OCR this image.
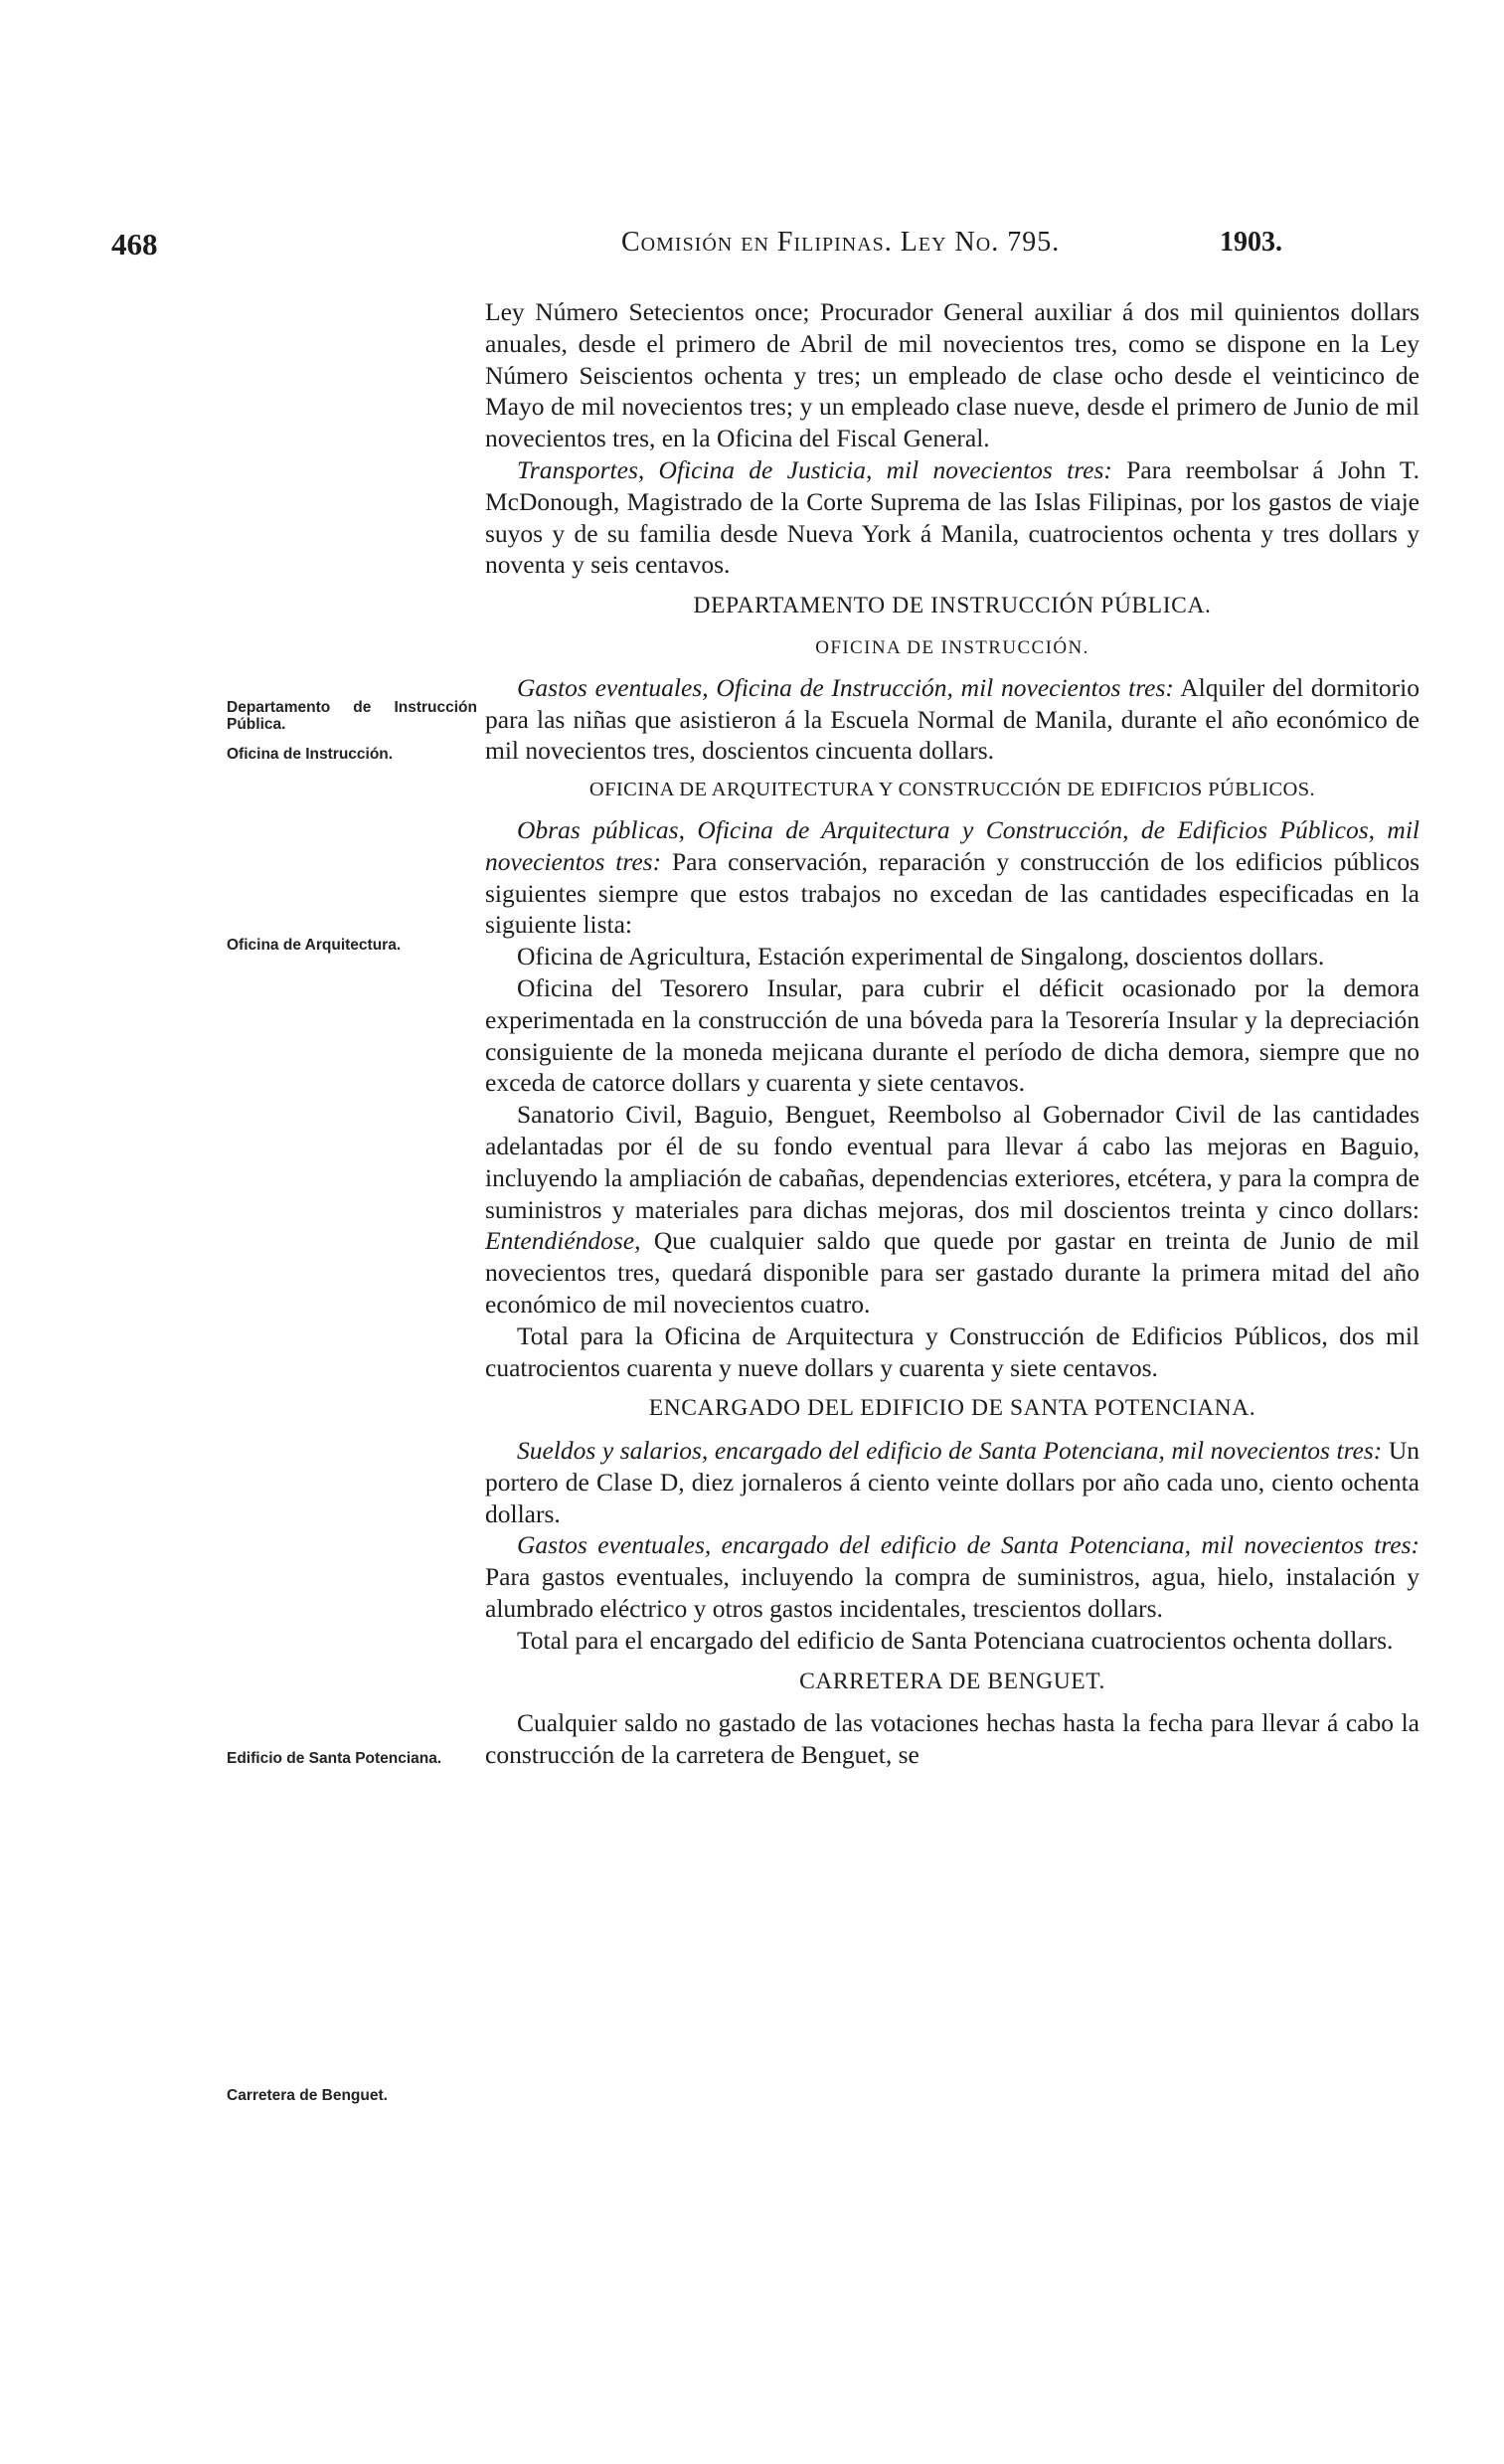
468	Comisión en Filipinas. Ley No. 795.	1903.
Departamento de Instrucción Pública.
Oficina de Instrucción.
Oficina de Arquitectura.
Edificio de Santa Potenciana.
Carretera de Benguet.

Ley Número Setecientos once; Procurador General auxiliar á dos mil quinientos dollars anuales, desde el primero de Abril de mil novecientos tres, como se dispone en la Ley Número Seiscientos ochenta y tres; un empleado de clase ocho desde el veinticinco de Mayo de mil novecientos tres; y un empleado clase nueve, desde el primero de Junio de mil novecientos tres, en la Oficina del Fiscal General.

Transportes, Oficina de Justicia, mil novecientos tres: Para reembolsar á John T. McDonough, Magistrado de la Corte Suprema de las Islas Filipinas, por los gastos de viaje suyos y de su familia desde Nueva York á Manila, cuatrocientos ochenta y tres dollars y noventa y seis centavos.

DEPARTAMENTO DE INSTRUCCIÓN PÚBLICA.
OFICINA DE INSTRUCCIÓN.

Gastos eventuales, Oficina de Instrucción, mil novecientos tres: Alquiler del dormitorio para las niñas que asistieron á la Escuela Normal de Manila, durante el año económico de mil novecientos tres, doscientos cincuenta dollars.

OFICINA DE ARQUITECTURA Y CONSTRUCCIÓN DE EDIFICIOS PÚBLICOS.

Obras públicas, Oficina de Arquitectura y Construcción, de Edificios Públicos, mil novecientos tres: Para conservación, reparación y construcción de los edificios públicos siguientes siempre que estos trabajos no excedan de las cantidades especificadas en la siguiente lista:

Oficina de Agricultura, Estación experimental de Singalong, doscientos dollars.

Oficina del Tesorero Insular, para cubrir el déficit ocasionado por la demora experimentada en la construcción de una bóveda para la Tesorería Insular y la depreciación consiguiente de la moneda mejicana durante el período de dicha demora, siempre que no exceda de catorce dollars y cuarenta y siete centavos.

Sanatorio Civil, Baguio, Benguet, Reembolso al Gobernador Civil de las cantidades adelantadas por él de su fondo eventual para llevar á cabo las mejoras en Baguio, incluyendo la ampliación de cabañas, dependencias exteriores, etcétera, y para la compra de suministros y materiales para dichas mejoras, dos mil doscientos treinta y cinco dollars: Entendiéndose, Que cualquier saldo que quede por gastar en treinta de Junio de mil novecientos tres, quedará disponible para ser gastado durante la primera mitad del año económico de mil novecientos cuatro.

Total para la Oficina de Arquitectura y Construcción de Edificios Públicos, dos mil cuatrocientos cuarenta y nueve dollars y cuarenta y siete centavos.

ENCARGADO DEL EDIFICIO DE SANTA POTENCIANA.

Sueldos y salarios, encargado del edificio de Santa Potenciana, mil novecientos tres: Un portero de Clase D, diez jornaleros á ciento veinte dollars por año cada uno, ciento ochenta dollars.

Gastos eventuales, encargado del edificio de Santa Potenciana, mil novecientos tres: Para gastos eventuales, incluyendo la compra de suministros, agua, hielo, instalación y alumbrado eléctrico y otros gastos incidentales, trescientos dollars.

Total para el encargado del edificio de Santa Potenciana cuatrocientos ochenta dollars.

CARRETERA DE BENGUET.

Cualquier saldo no gastado de las votaciones hechas hasta la fecha para llevar á cabo la construcción de la carretera de Benguet, se
